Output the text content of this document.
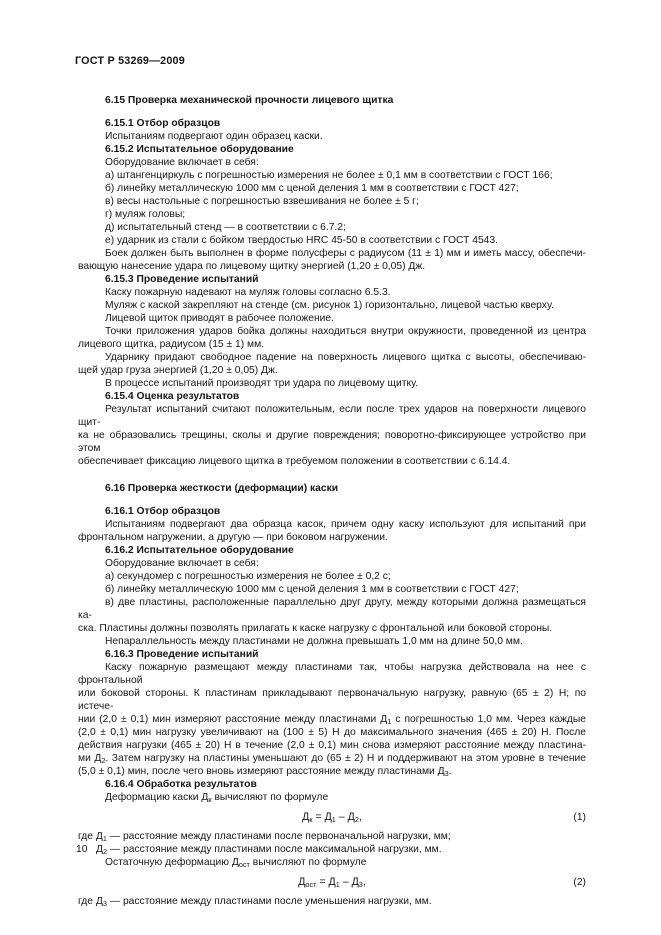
ГОСТ Р 53269—2009
6.15 Проверка механической прочности лицевого щитка
6.15.1 Отбор образцов
Испытаниям подвергают один образец каски.
6.15.2 Испытательное оборудование
Оборудование включает в себя:
а) штангенциркуль с погрешностью измерения не более ± 0,1 мм в соответствии с ГОСТ 166;
б) линейку металлическую 1000 мм с ценой деления 1 мм в соответствии с ГОСТ 427;
в) весы настольные с погрешностью взвешивания не более ± 5 г;
г) муляж головы;
д) испытательный стенд — в соответствии с 6.7.2;
е) ударник из стали с бойком твердостью HRC 45-50 в соответствии с ГОСТ 4543.
Боек должен быть выполнен в форме полусферы с радиусом (11 ± 1) мм и иметь массу, обеспечи-
вающую нанесение удара по лицевому щитку энергией (1,20 ± 0,05) Дж.
6.15.3 Проведение испытаний
Каску пожарную надевают на муляж головы согласно 6.5.3.
Муляж с каской закрепляют на стенде (см. рисунок 1) горизонтально, лицевой частью кверху.
Лицевой щиток приводят в рабочее положение.
Точки приложения ударов бойка должны находиться внутри окружности, проведенной из центра
лицевого щитка, радиусом (15 ± 1) мм.
Ударнику придают свободное падение на поверхность лицевого щитка с высоты, обеспечиваю-
щей удар груза энергией (1,20 ± 0,05) Дж.
В процессе испытаний производят три удара по лицевому щитку.
6.15.4 Оценка результатов
Результат испытаний считают положительным, если после трех ударов на поверхности лицевого щит-
ка не образовались трещины, сколы и другие повреждения; поворотно-фиксирующее устройство при этом
обеспечивает фиксацию лицевого щитка в требуемом положении в соответствии с 6.14.4.
6.16 Проверка жесткости (деформации) каски
6.16.1 Отбор образцов
Испытаниям подвергают два образца касок, причем одну каску используют для испытаний при
фронтальном нагружении, а другую — при боковом нагружении.
6.16.2 Испытательное оборудование
Оборудование включает в себя:
а) секундомер с погрешностью измерения не более ± 0,2 с;
б) линейку металлическую 1000 мм с ценой деления 1 мм в соответствии с ГОСТ 427;
в) две пластины, расположенные параллельно друг другу, между которыми должна размещаться ка-
ска. Пластины должны позволять прилагать к каске нагрузку с фронтальной или боковой стороны.
Непараллельность между пластинами не должна превышать 1,0 мм на длине 50,0 мм.
6.16.3 Проведение испытаний
Каску пожарную размещают между пластинами так, чтобы нагрузка действовала на нее с фронтальной
или боковой стороны. К пластинам прикладывают первоначальную нагрузку, равную (65 ± 2) Н; по истече-
нии (2,0 ± 0,1) мин измеряют расстояние между пластинами $Д_1$ с погрешностью 1,0 мм. Через каждые
(2,0 ± 0,1) мин нагрузку увеличивают на (100 ± 5) Н до максимального значения (465 ± 20) Н. После
действия нагрузки (465 ± 20) Н в течение (2,0 ± 0,1) мин снова измеряют расстояние между пластина-
ми $Д_2$. Затем нагрузку на пластины уменьшают до (65 ± 2) Н и поддерживают на этом уровне в течение
(5,0 ± 0,1) мин, после чего вновь измеряют расстояние между пластинами $Д_3$.
6.16.4 Обработка результатов
Деформацию каски $Д_к$ вычисляют по формуле
$Д_к = Д_1 - Д_2$,	(1)
где $Д_1$ — расстояние между пластинами после первоначальной нагрузки, мм;
$Д_2$ — расстояние между пластинами после максимальной нагрузки, мм.
Остаточную деформацию $Д_{ост}$ вычисляют по формуле
$Д_{ост} = Д_1 - Д_3$,	(2)
где $Д_3$ — расстояние между пластинами после уменьшения нагрузки, мм.
10
